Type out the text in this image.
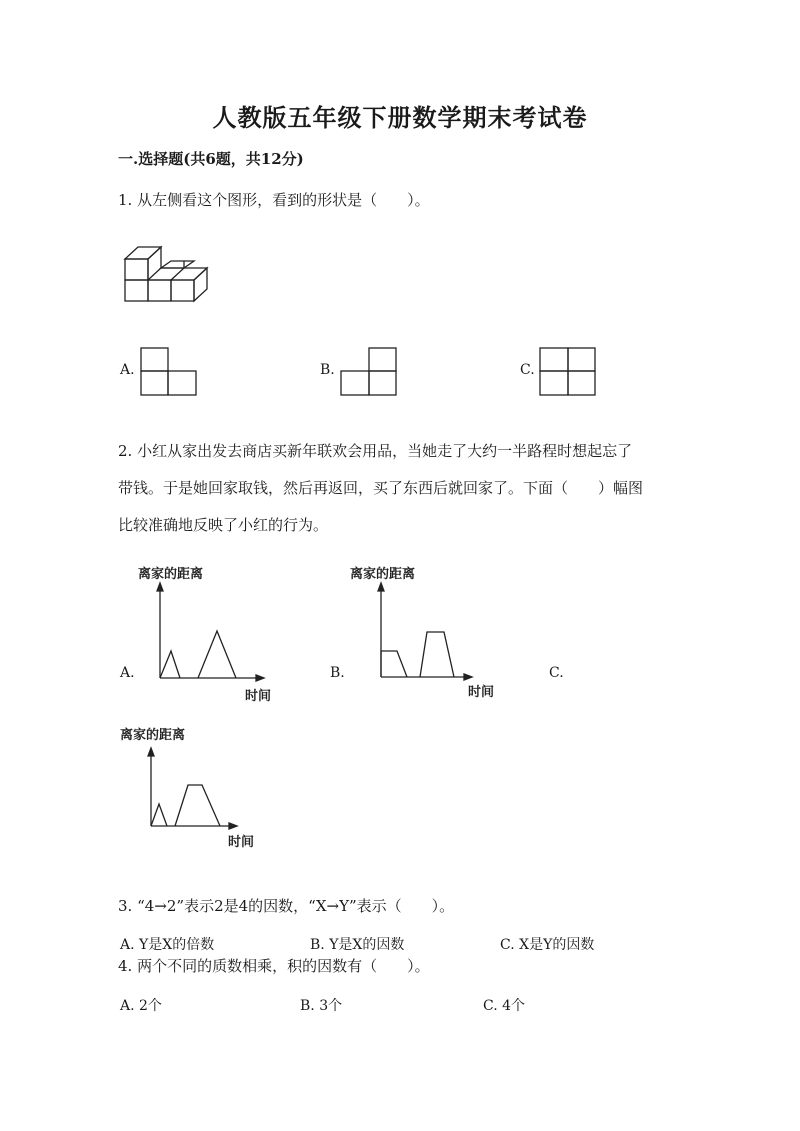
人教版五年级下册数学期末考试卷
一.选择题(共6题，共12分)
1. 从左侧看这个图形，看到的形状是（　　）。
A.	B.	C.
2. 小红从家出发去商店买新年联欢会用品，当她走了大约一半路程时想起忘了
带钱。于是她回家取钱，然后再返回，买了东西后就回家了。下面（　　）幅图
比较准确地反映了小红的行为。
A.
离家的距离
时间
B.
离家的距离
时间
C.
离家的距离
时间
3. “4→2”表示2是4的因数，“X→Y”表示（　　）。
A. Y是X的倍数	B. Y是X的因数	C. X是Y的因数
4. 两个不同的质数相乘，积的因数有（　　）。
A. 2个	B. 3个	C. 4个
